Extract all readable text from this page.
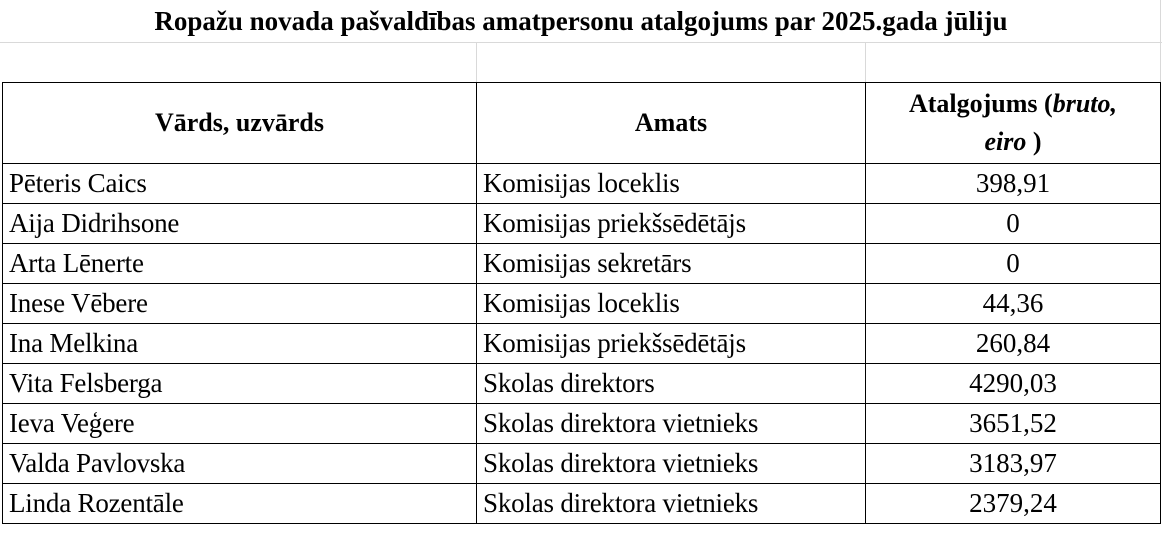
Ropažu novada pašvaldības amatpersonu atalgojums par 2025.gada jūliju
Vārds, uzvārds	Amats	Atalgojums (bruto,
eiro )
Pēteris Caics	Komisijas loceklis	398,91
Aija Didrihsone	Komisijas priekšsēdētājs	0
Arta Lēnerte	Komisijas sekretārs	0
Inese Vēbere	Komisijas loceklis	44,36
Ina Melkina	Komisijas priekšsēdētājs	260,84
Vita Felsberga	Skolas direktors	4290,03
Ieva Veģere	Skolas direktora vietnieks	3651,52
Valda Pavlovska	Skolas direktora vietnieks	3183,97
Linda Rozentāle	Skolas direktora vietnieks	2379,24
